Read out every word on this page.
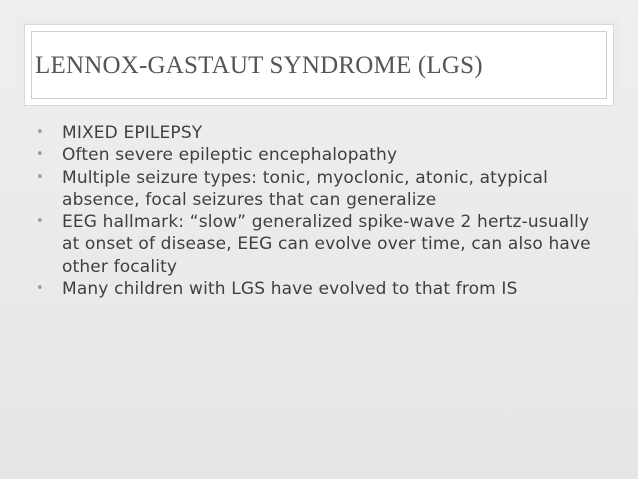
LENNOX-GASTAUT SYNDROME (LGS)
• MIXED EPILEPSY
• Often severe epileptic encephalopathy
• Multiple seizure types: tonic, myoclonic, atonic, atypical absence, focal seizures that can generalize
• EEG hallmark: “slow” generalized spike-wave 2 hertz-usually at onset of disease, EEG can evolve over time, can also have other focality
• Many children with LGS have evolved to that from IS
